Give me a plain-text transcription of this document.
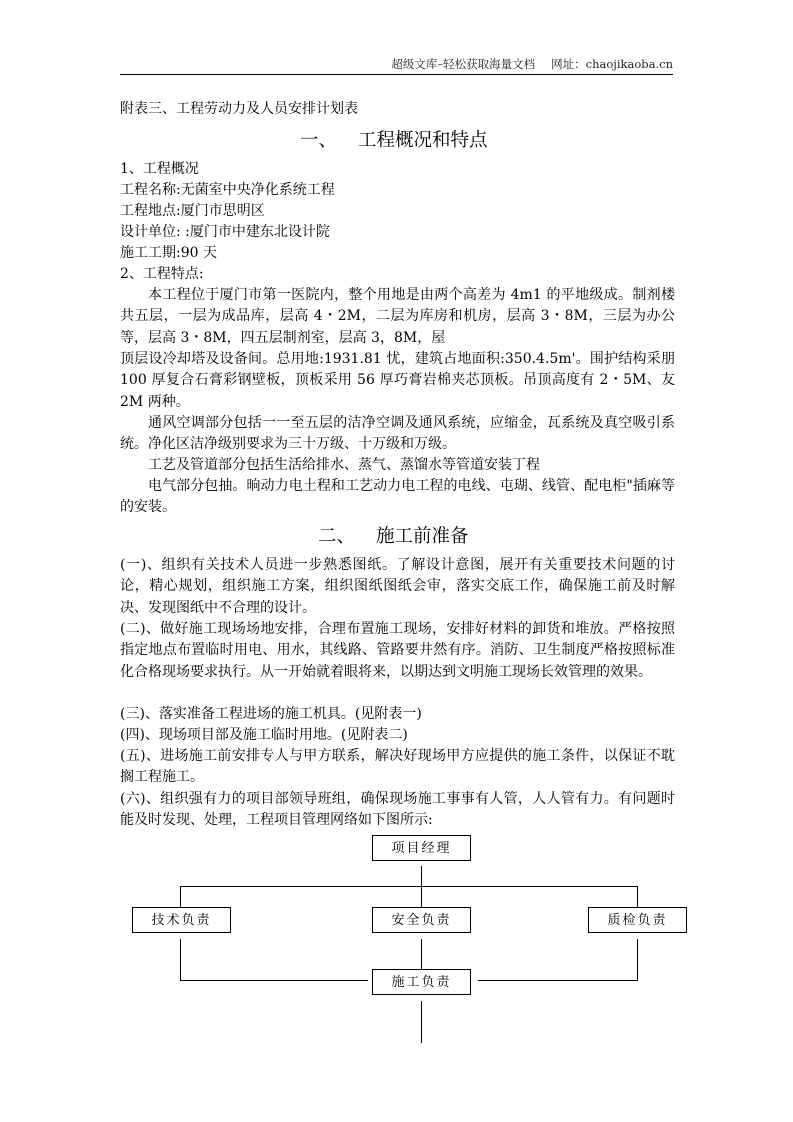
超级文库–轻松获取海量文档 网址：chaojikaoba.cn
附表三、工程劳动力及人员安排计划表
一、 工程概况和特点
1、工程概况
工程名称:无菌室中央净化系统工程
工程地点:厦门市思明区
设计单位: :厦门市中建东北设计院
施工工期:90 天
2、工程特点:
本工程位于厦门市第一医院内，整个用地是由两个高差为 4m1 的平地级成。制剂楼共五层，一层为成品库，层高 4・2M，二层为库房和机房，层高 3・8M，三层为办公等，层高 3・8M，四五层制剂室，层高 3，8M，屋
顶层设冷却塔及设备间。总用地:1931.81 忧，建筑占地面积:350.4.5m'。围护结构采朋 100 厚复合石膏彩钢壁板，顶板采用 56 厚巧膏岩棉夹芯顶板。吊顶高度有 2・5M、友 2M 两种。
通风空调部分包括一一至五层的洁净空调及通风系统，应缩金，瓦系统及真空吸引系统。净化区洁净级别要求为三十万级、十万级和万级。
工艺及管道部分包括生活给排水、蒸气、蒸馏水等管道安装丁程
电气部分包抽。晌动力电土程和工艺动力电工程的电线、屯瑚、线管、配电柜"插麻等的安装。
二、 施工前准备
(一)、组织有关技术人员进一步熟悉图纸。了解设计意图，展开有关重要技术问题的讨论，精心规划，组织施工方案，组织图纸图纸会审，落实交底工作，确保施工前及时解决、发现图纸中不合理的设计。
(二)、做好施工现场场地安排，合理布置施工现场，安排好材料的卸货和堆放。严格按照指定地点布置临时用电、用水，其线路、管路要井然有序。消防、卫生制度严格按照标准化合格现场要求执行。从一开始就着眼将来，以期达到文明施工现场长效管理的效果。
(三)、落实准备工程进场的施工机具。(见附表一)
(四)、现场项目部及施工临时用地。(见附表二)
(五)、进场施工前安排专人与甲方联系，解决好现场甲方应提供的施工条件，以保证不耽搁工程施工。
(六)、组织强有力的项目部领导班组，确保现场施工事事有人管，人人管有力。有问题时能及时发现、处理，工程项目管理网络如下图所示:
项目经理
技术负责	安全负责	质检负责
施工负责
